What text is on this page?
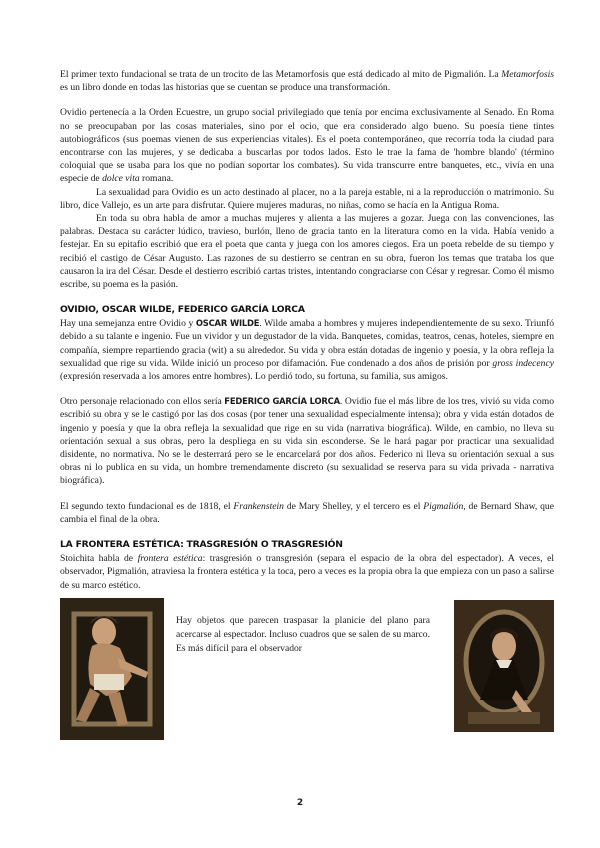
El primer texto fundacional se trata de un trocito de las Metamorfosis que está dedicado al mito de Pigmalión. La Metamorfosis es un libro donde en todas las historias que se cuentan se produce una transformación.

Ovidio pertenecía a la Orden Ecuestre, un grupo social privilegiado que tenía por encima exclusivamente al Senado. En Roma no se preocupaban por las cosas materiales, sino por el ocio, que era considerado algo bueno. Su poesía tiene tintes autobiográficos (sus poemas vienen de sus experiencias vitales). Es el poeta contemporáneo, que recorría toda la ciudad para encontrarse con las mujeres, y se dedicaba a buscarlas por todos lados. Esto le trae la fama de 'hombre blando' (término coloquial que se usaba para los que no podían soportar los combates). Su vida transcurre entre banquetes, etc., vivía en una especie de dolce vita romana.

La sexualidad para Ovidio es un acto destinado al placer, no a la pareja estable, ni a la reproducción o matrimonio. Su libro, dice Vallejo, es un arte para disfrutar. Quiere mujeres maduras, no niñas, como se hacía en la Antigua Roma.

En toda su obra habla de amor a muchas mujeres y alienta a las mujeres a gozar. Juega con las convenciones, las palabras. Destaca su carácter lúdico, travieso, burlón, lleno de gracia tanto en la literatura como en la vida. Había venido a festejar. En su epitafio escribió que era el poeta que canta y juega con los amores ciegos. Era un poeta rebelde de su tiempo y recibió el castigo de César Augusto. Las razones de su destierro se centran en su obra, fueron los temas que trataba los que causaron la ira del César. Desde el destierro escribió cartas tristes, intentando congraciarse con César y regresar. Como él mismo escribe, su poema es la pasión.

OVIDIO, OSCAR WILDE, FEDERICO GARCÍA LORCA

Hay una semejanza entre Ovidio y OSCAR WILDE. Wilde amaba a hombres y mujeres independientemente de su sexo. Triunfó debido a su talante e ingenio. Fue un vividor y un degustador de la vida. Banquetes, comidas, teatros, cenas, hoteles, siempre en compañía, siempre repartiendo gracia (wit) a su alrededor. Su vida y obra están dotadas de ingenio y poesía, y la obra refleja la sexualidad que rige su vida. Wilde inició un proceso por difamación. Fue condenado a dos años de prisión por gross indecency (expresión reservada a los amores entre hombres). Lo perdió todo, su fortuna, su familia, sus amigos.

Otro personaje relacionado con ellos sería FEDERICO GARCÍA LORCA. Ovidio fue el más libre de los tres, vivió su vida como escribió su obra y se le castigó por las dos cosas (por tener una sexualidad especialmente intensa); obra y vida están dotados de ingenio y poesía y que la obra refleja la sexualidad que rige en su vida (narrativa biográfica). Wilde, en cambio, no lleva su orientación sexual a sus obras, pero la despliega en su vida sin esconderse. Se le hará pagar por practicar una sexualidad disidente, no normativa. No se le desterrará pero se le encarcelará por dos años. Federico ni lleva su orientación sexual a sus obras ni lo publica en su vida, un hombre tremendamente discreto (su sexualidad se reserva para su vida privada - narrativa biográfica).

El segundo texto fundacional es de 1818, el Frankenstein de Mary Shelley, y el tercero es el Pigmalión, de Bernard Shaw, que cambia el final de la obra.

LA FRONTERA ESTÉTICA: TRASGRESIÓN O TRASGRESIÓN

Stoichita habla de frontera estética: trasgresión o transgresión (separa el espacio de la obra del espectador). A veces, el observador, Pigmalión, atraviesa la frontera estética y la toca, pero a veces es la propia obra la que empieza con un paso a salirse de su marco estético.

Hay objetos que parecen traspasar la planicie del plano para acercarse al espectador. Incluso cuadros que se salen de su marco. Es más difícil para el observador

2
